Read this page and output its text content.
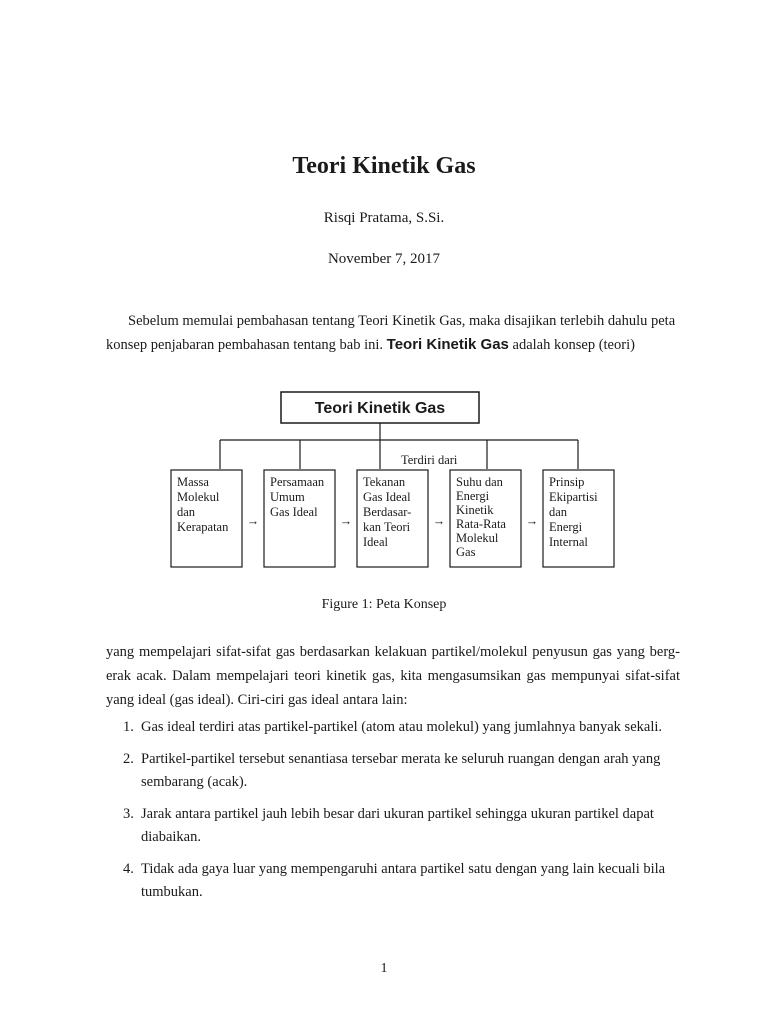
Teori Kinetik Gas
Risqi Pratama, S.Si.
November 7, 2017

Sebelum memulai pembahasan tentang Teori Kinetik Gas, maka disajikan terlebih dahulu peta konsep penjabaran pembahasan tentang bab ini. Teori Kinetik Gas adalah konsep (teori)

Teori Kinetik Gas
Terdiri dari
Massa Molekul dan Kerapatan
Persamaan Umum Gas Ideal
Tekanan Gas Ideal Berdasar- kan Teori Ideal
Suhu dan Energi Kinetik Rata-Rata Molekul Gas
Prinsip Ekipartisi dan Energi Internal
→	→	→	→
Figure 1: Peta Konsep

yang mempelajari sifat-sifat gas berdasarkan kelakuan partikel/molekul penyusun gas yang berg- erak acak. Dalam mempelajari teori kinetik gas, kita mengasumsikan gas mempunyai sifat-sifat yang ideal (gas ideal). Ciri-ciri gas ideal antara lain:

1. Gas ideal terdiri atas partikel-partikel (atom atau molekul) yang jumlahnya banyak sekali.
2. Partikel-partikel tersebut senantiasa tersebar merata ke seluruh ruangan dengan arah yang sembarang (acak).
3. Jarak antara partikel jauh lebih besar dari ukuran partikel sehingga ukuran partikel dapat diabaikan.
4. Tidak ada gaya luar yang mempengaruhi antara partikel satu dengan yang lain kecuali bila tumbukan.
1
